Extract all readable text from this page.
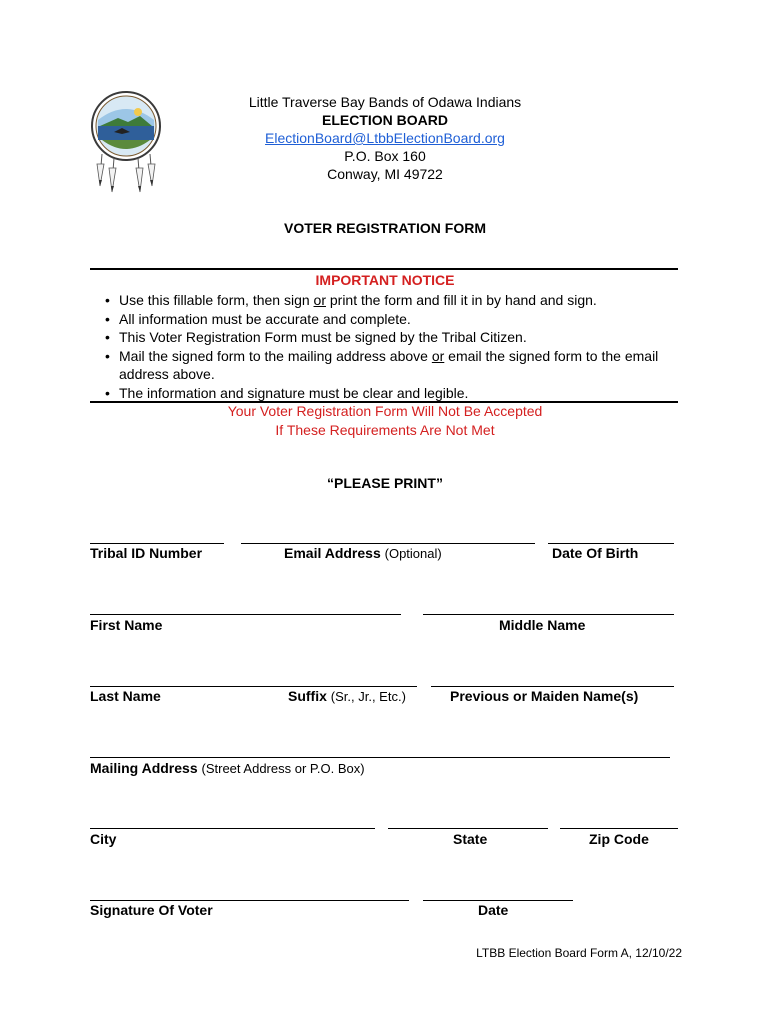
Little Traverse Bay Bands of Odawa Indians
ELECTION BOARD
ElectionBoard@LtbbElectionBoard.org
P.O. Box 160
Conway, MI 49722
VOTER REGISTRATION FORM
IMPORTANT NOTICE
• Use this fillable form, then sign or print the form and fill it in by hand and sign.
• All information must be accurate and complete.
• This Voter Registration Form must be signed by the Tribal Citizen.
• Mail the signed form to the mailing address above or email the signed form to the email address above.
• The information and signature must be clear and legible.
Your Voter Registration Form Will Not Be Accepted
If These Requirements Are Not Met
“PLEASE PRINT”
Tribal ID Number	Email Address (Optional)	Date Of Birth
First Name	Middle Name
Last Name	Suffix (Sr., Jr., Etc.)	Previous or Maiden Name(s)
Mailing Address (Street Address or P.O. Box)
City	State	Zip Code
Signature Of Voter	Date
LTBB Election Board Form A, 12/10/22
